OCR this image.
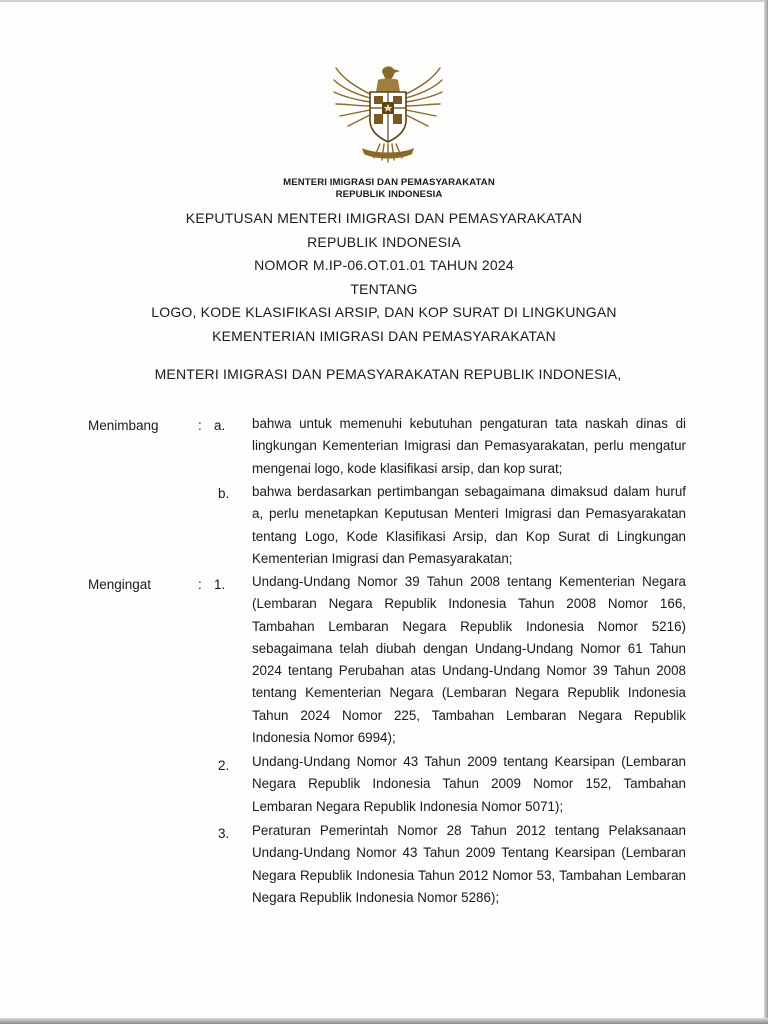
MENTERI IMIGRASI DAN PEMASYARAKATAN
REPUBLIK INDONESIA
KEPUTUSAN MENTERI IMIGRASI DAN PEMASYARAKATAN
REPUBLIK INDONESIA
NOMOR M.IP-06.OT.01.01 TAHUN 2024
TENTANG
LOGO, KODE KLASIFIKASI ARSIP, DAN KOP SURAT DI LINGKUNGAN
KEMENTERIAN IMIGRASI DAN PEMASYARAKATAN
MENTERI IMIGRASI DAN PEMASYARAKATAN REPUBLIK INDONESIA,
Menimbang	: a. bahwa untuk memenuhi kebutuhan pengaturan tata naskah dinas di lingkungan Kementerian Imigrasi dan Pemasyarakatan, perlu mengatur mengenai logo, kode klasifikasi arsip, dan kop surat;
b. bahwa berdasarkan pertimbangan sebagaimana dimaksud dalam huruf a, perlu menetapkan Keputusan Menteri Imigrasi dan Pemasyarakatan tentang Logo, Kode Klasifikasi Arsip, dan Kop Surat di Lingkungan Kementerian Imigrasi dan Pemasyarakatan;
Mengingat	: 1. Undang-Undang Nomor 39 Tahun 2008 tentang Kementerian Negara (Lembaran Negara Republik Indonesia Tahun 2008 Nomor 166, Tambahan Lembaran Negara Republik Indonesia Nomor 5216) sebagaimana telah diubah dengan Undang-Undang Nomor 61 Tahun 2024 tentang Perubahan atas Undang-Undang Nomor 39 Tahun 2008 tentang Kementerian Negara (Lembaran Negara Republik Indonesia Tahun 2024 Nomor 225, Tambahan Lembaran Negara Republik Indonesia Nomor 6994);
2. Undang-Undang Nomor 43 Tahun 2009 tentang Kearsipan (Lembaran Negara Republik Indonesia Tahun 2009 Nomor 152, Tambahan Lembaran Negara Republik Indonesia Nomor 5071);
3. Peraturan Pemerintah Nomor 28 Tahun 2012 tentang Pelaksanaan Undang-Undang Nomor 43 Tahun 2009 Tentang Kearsipan (Lembaran Negara Republik Indonesia Tahun 2012 Nomor 53, Tambahan Lembaran Negara Republik Indonesia Nomor 5286);
